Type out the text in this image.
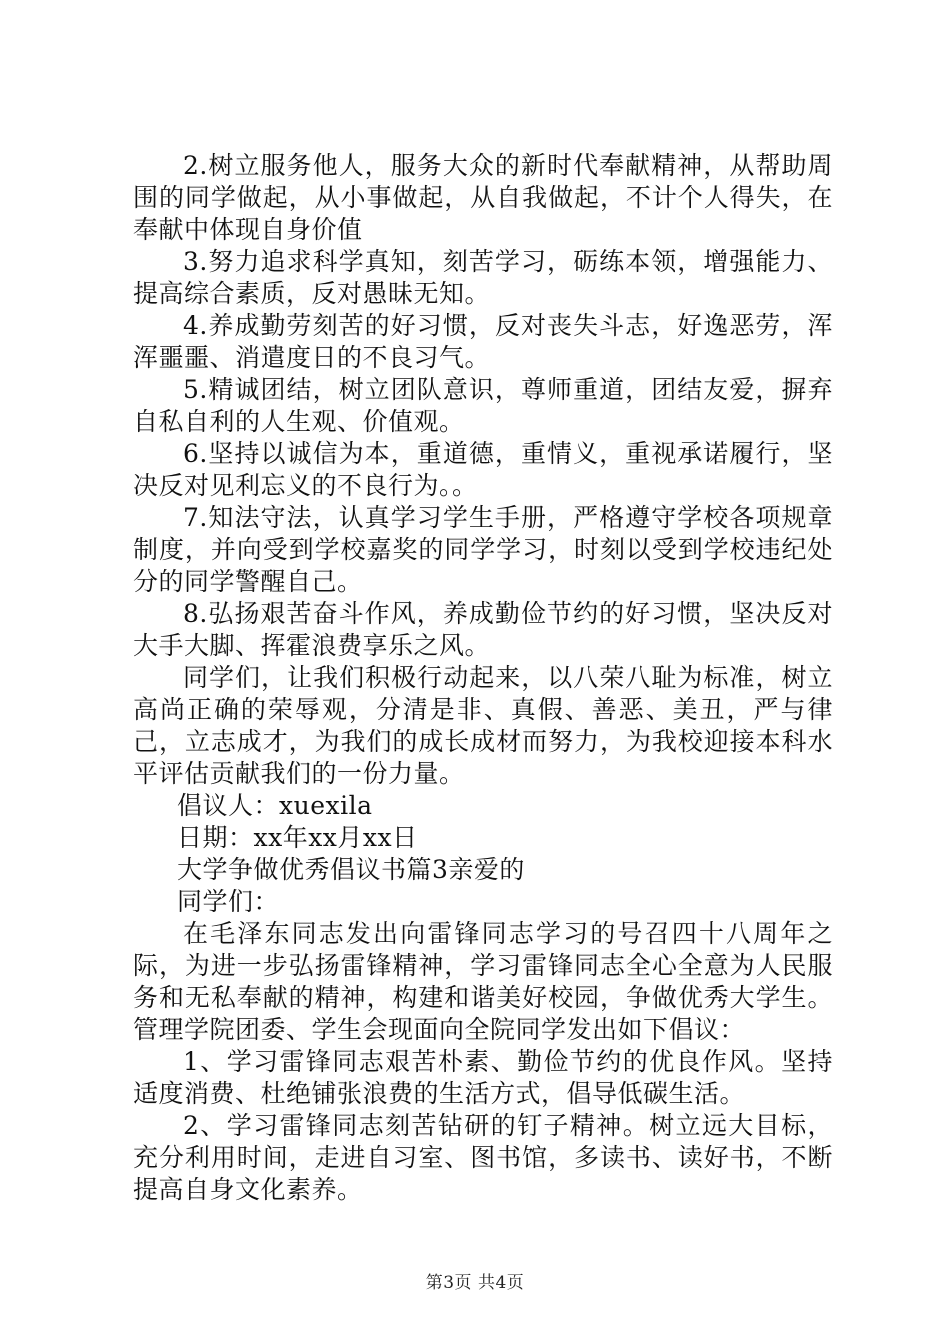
2.树立服务他人，服务大众的新时代奉献精神，从帮助周围的同学做起，从小事做起，从自我做起，不计个人得失，在奉献中体现自身价值

3.努力追求科学真知，刻苦学习，砺练本领，增强能力、提高综合素质，反对愚昧无知。

4.养成勤劳刻苦的好习惯，反对丧失斗志，好逸恶劳，浑浑噩噩、消遣度日的不良习气。

5.精诚团结，树立团队意识，尊师重道，团结友爱，摒弃自私自利的人生观、价值观。

6.坚持以诚信为本，重道德，重情义，重视承诺履行，坚决反对见利忘义的不良行为。。

7.知法守法，认真学习学生手册，严格遵守学校各项规章制度，并向受到学校嘉奖的同学学习，时刻以受到学校违纪处分的同学警醒自己。

8.弘扬艰苦奋斗作风，养成勤俭节约的好习惯，坚决反对大手大脚、挥霍浪费享乐之风。

同学们，让我们积极行动起来，以八荣八耻为标准，树立高尚正确的荣辱观，分清是非、真假、善恶、美丑，严与律己，立志成才，为我们的成长成材而努力，为我校迎接本科水平评估贡献我们的一份力量。

倡议人：xuexila

日期：xx年xx月xx日

大学争做优秀倡议书篇3亲爱的

同学们：

在毛泽东同志发出向雷锋同志学习的号召四十八周年之际，为进一步弘扬雷锋精神，学习雷锋同志全心全意为人民服务和无私奉献的精神，构建和谐美好校园，争做优秀大学生。管理学院团委、学生会现面向全院同学发出如下倡议：

1、学习雷锋同志艰苦朴素、勤俭节约的优良作风。坚持适度消费、杜绝铺张浪费的生活方式，倡导低碳生活。

2、学习雷锋同志刻苦钻研的钉子精神。树立远大目标，充分利用时间，走进自习室、图书馆，多读书、读好书，不断提高自身文化素养。

第3页 共4页
